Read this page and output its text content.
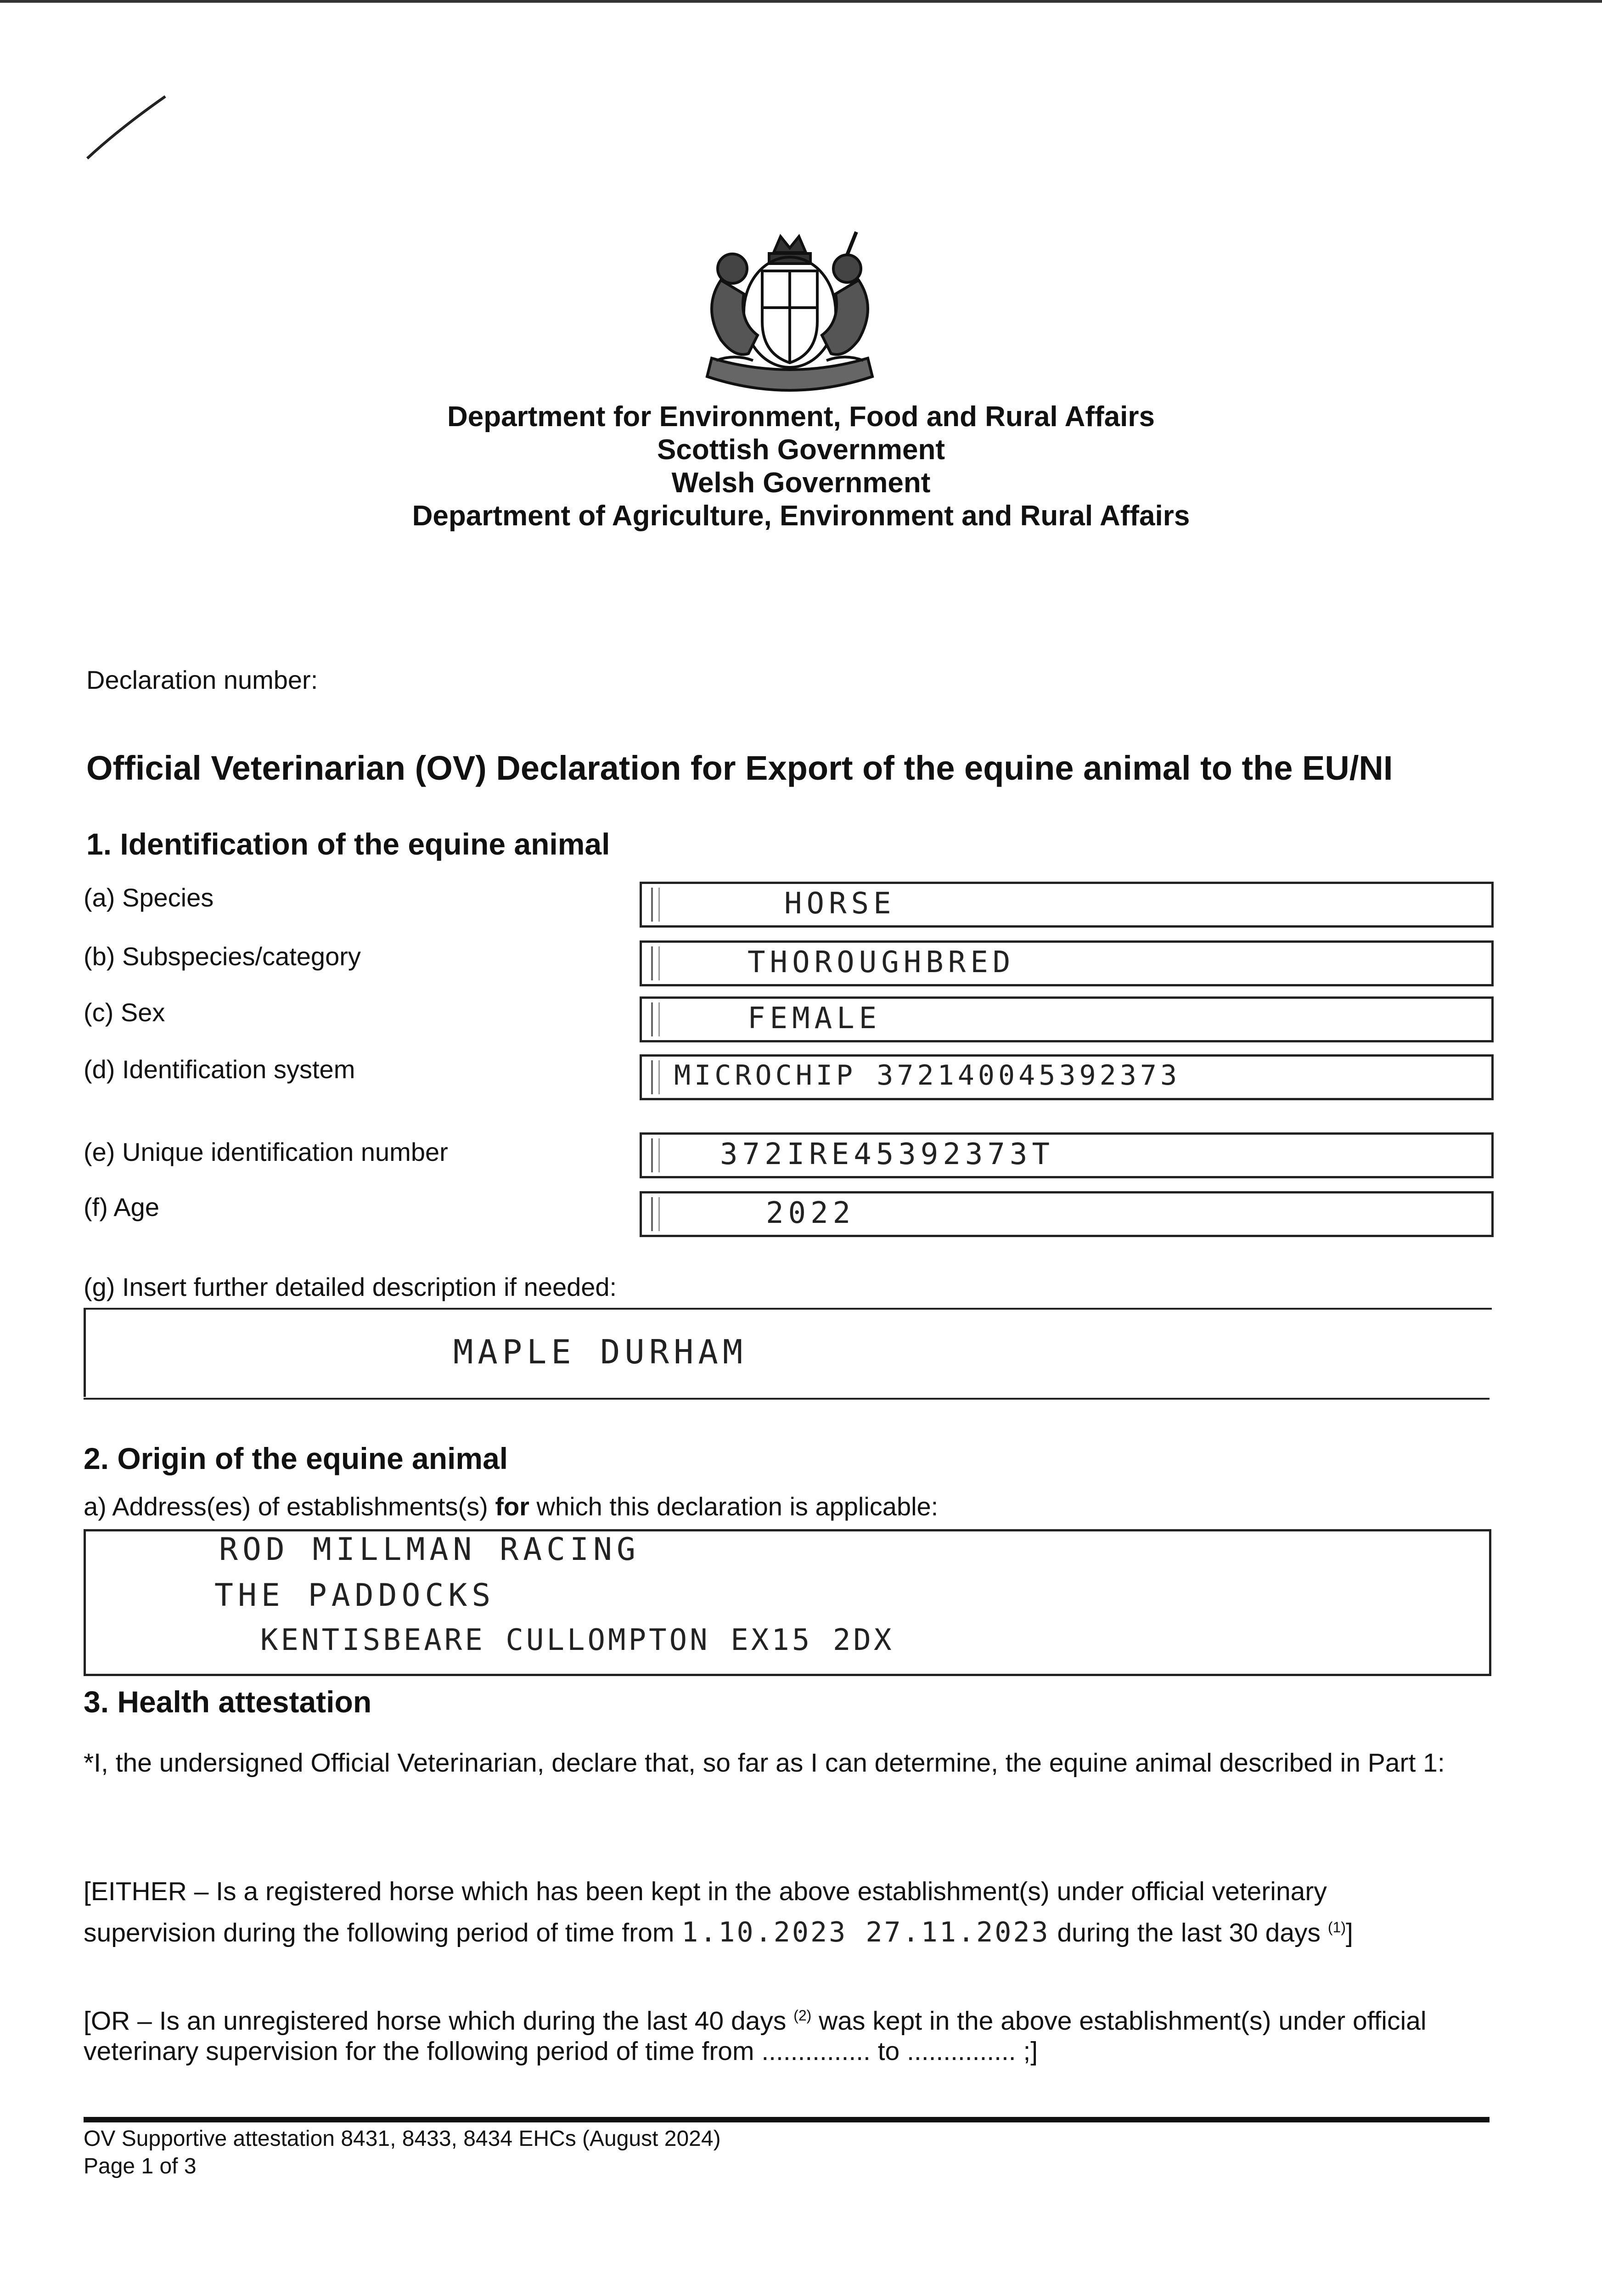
Department for Environment, Food and Rural Affairs
Scottish Government
Welsh Government
Department of Agriculture, Environment and Rural Affairs
Declaration number:
Official Veterinarian (OV) Declaration for Export of the equine animal to the EU/NI
1. Identification of the equine animal
(a) Species	HORSE
(b) Subspecies/category	THOROUGHBRED
(c) Sex	FEMALE
(d) Identification system	MICROCHIP 372140045392373
(e) Unique identification number	372IRE45392373T
(f) Age	2022
(g) Insert further detailed description if needed:
MAPLE DURHAM
2. Origin of the equine animal
a) Address(es) of establishments(s) for which this declaration is applicable:
ROD MILLMAN RACING
THE PADDOCKS
KENTISBEARE CULLOMPTON EX15 2DX
3. Health attestation
*I, the undersigned Official Veterinarian, declare that, so far as I can determine, the equine animal described in Part 1:
[EITHER – Is a registered horse which has been kept in the above establishment(s) under official veterinary
supervision during the following period of time from 1.10.2023 27.11.2023 during the last 30 days $^{(1)}$]
[OR – Is an unregistered horse which during the last 40 days $^{(2)}$ was kept in the above establishment(s) under official
veterinary supervision for the following period of time from ............... to ............... ;]
OV Supportive attestation 8431, 8433, 8434 EHCs (August 2024)
Page 1 of 3
